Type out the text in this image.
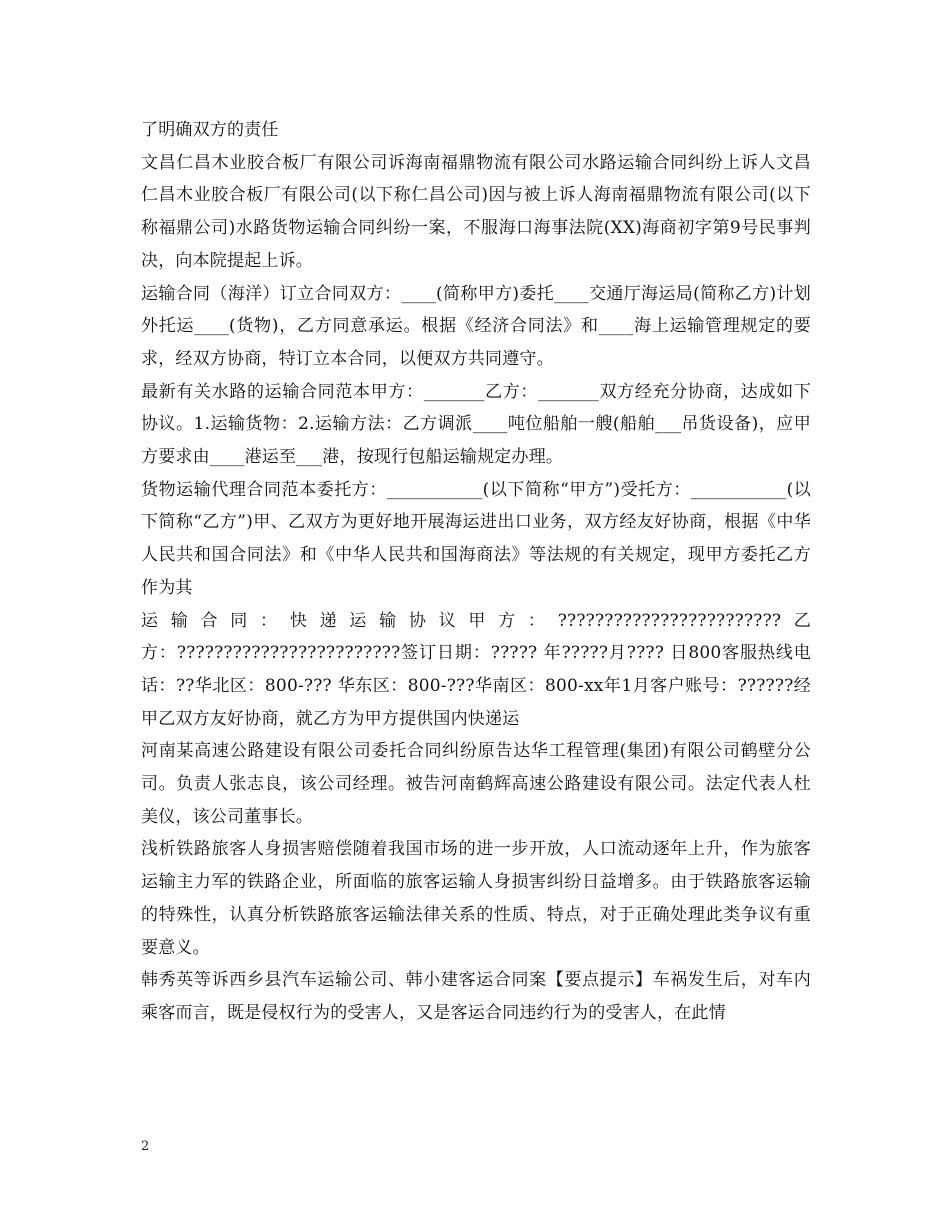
了明确双方的责任

文昌仁昌木业胶合板厂有限公司诉海南福鼎物流有限公司水路运输合同纠纷上诉人文昌仁昌木业胶合板厂有限公司(以下称仁昌公司)因与被上诉人海南福鼎物流有限公司(以下称福鼎公司)水路货物运输合同纠纷一案，不服海口海事法院(XX)海商初字第9号民事判决，向本院提起上诉。

运输合同（海洋）订立合同双方：____(简称甲方)委托____交通厅海运局(简称乙方)计划外托运____(货物)，乙方同意承运。根据《经济合同法》和____海上运输管理规定的要求，经双方协商，特订立本合同，以便双方共同遵守。

最新有关水路的运输合同范本甲方：_______乙方：_______双方经充分协商，达成如下协议。1.运输货物：2.运输方法：乙方调派____吨位船舶一艘(船舶___吊货设备)，应甲方要求由____港运至___港，按现行包船运输规定办理。

货物运输代理合同范本委托方：___________(以下简称“甲方”)受托方：___________(以下简称“乙方”)甲、乙双方为更好地开展海运进出口业务，双方经友好协商，根据《中华人民共和国合同法》和《中华人民共和国海商法》等法规的有关规定，现甲方委托乙方作为其

运输合同：快递运输协议甲方：????????????????????????乙方：????????????????????????签订日期：????? 年?????月???? 日800客服热线电话：??华北区：800-??? 华东区：800-???华南区：800-xx年1月客户账号：??????经甲乙双方友好协商，就乙方为甲方提供国内快递运

河南某高速公路建设有限公司委托合同纠纷原告达华工程管理(集团)有限公司鹤壁分公司。负责人张志良，该公司经理。被告河南鹤辉高速公路建设有限公司。法定代表人杜美仪，该公司董事长。

浅析铁路旅客人身损害赔偿随着我国市场的进一步开放，人口流动逐年上升，作为旅客运输主力军的铁路企业，所面临的旅客运输人身损害纠纷日益增多。由于铁路旅客运输的特殊性，认真分析铁路旅客运输法律关系的性质、特点，对于正确处理此类争议有重要意义。

韩秀英等诉西乡县汽车运输公司、韩小建客运合同案【要点提示】车祸发生后，对车内乘客而言，既是侵权行为的受害人，又是客运合同违约行为的受害人，在此情

2
